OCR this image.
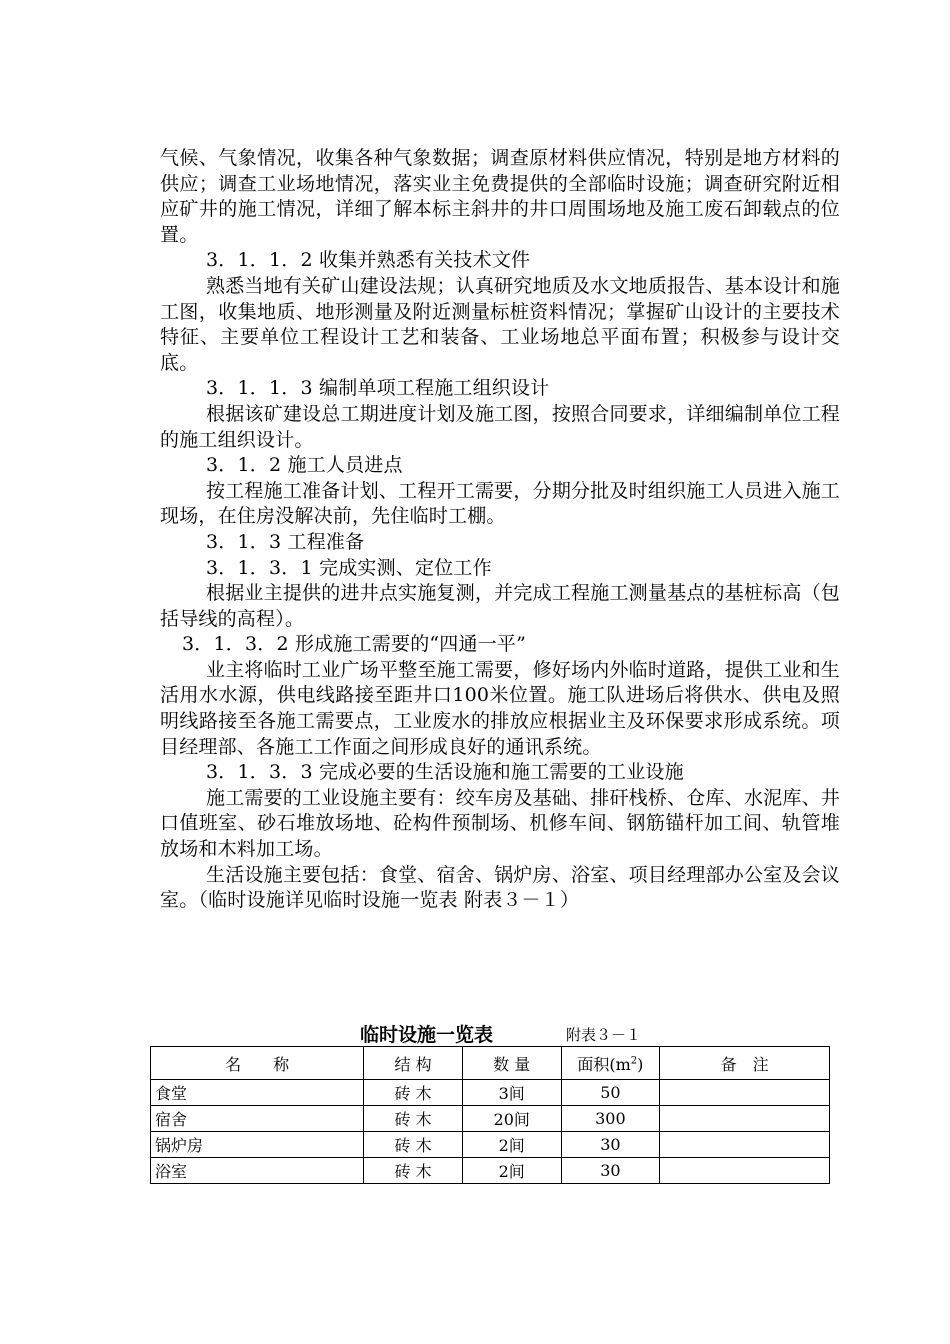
气候、气象情况，收集各种气象数据；调查原材料供应情况，特别是地方材料的供应；调查工业场地情况，落实业主免费提供的全部临时设施；调查研究附近相应矿井的施工情况，详细了解本标主斜井的井口周围场地及施工废石卸载点的位置。

3．1．1．2 收集并熟悉有关技术文件

熟悉当地有关矿山建设法规；认真研究地质及水文地质报告、基本设计和施工图，收集地质、地形测量及附近测量标桩资料情况；掌握矿山设计的主要技术特征、主要单位工程设计工艺和装备、工业场地总平面布置；积极参与设计交底。

3．1．1．3 编制单项工程施工组织设计

根据该矿建设总工期进度计划及施工图，按照合同要求，详细编制单位工程的施工组织设计。

3．1．2 施工人员进点

按工程施工准备计划、工程开工需要，分期分批及时组织施工人员进入施工现场，在住房没解决前，先住临时工棚。

3．1．3 工程准备

3．1．3．1 完成实测、定位工作

根据业主提供的进井点实施复测，并完成工程施工测量基点的基桩标高（包括导线的高程）。

3．1．3．2 形成施工需要的“四通一平”

业主将临时工业广场平整至施工需要，修好场内外临时道路，提供工业和生活用水水源，供电线路接至距井口100米位置。施工队进场后将供水、供电及照明线路接至各施工需要点，工业废水的排放应根据业主及环保要求形成系统。项目经理部、各施工工作面之间形成良好的通讯系统。

3．1．3．3 完成必要的生活设施和施工需要的工业设施

施工需要的工业设施主要有：绞车房及基础、排矸栈桥、仓库、水泥库、井口值班室、砂石堆放场地、砼构件预制场、机修车间、钢筋锚杆加工间、轨管堆放场和木料加工场。

生活设施主要包括：食堂、宿舍、锅炉房、浴室、项目经理部办公室及会议室。（临时设施详见临时设施一览表 附表３－１）

临时设施一览表	附表３－１
名　　称	结 构	数 量	面积$(m^2)$	备　注
食堂	砖 木	3间	50	
宿舍	砖 木	20间	300	
锅炉房	砖 木	2间	30	
浴室	砖 木	2间	30	
